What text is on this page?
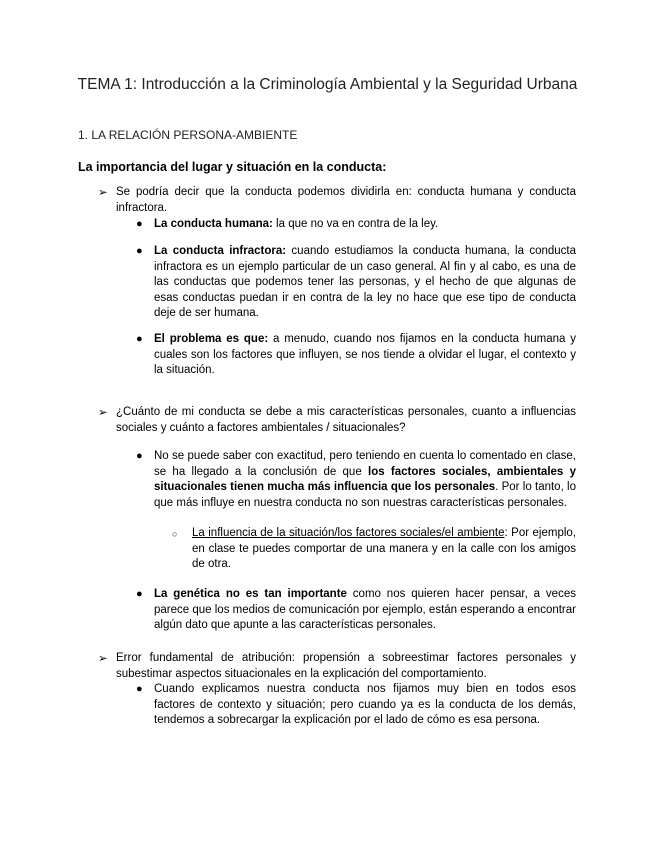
TEMA 1: Introducción a la Criminología Ambiental y la Seguridad Urbana
1. LA RELACIÓN PERSONA-AMBIENTE
La importancia del lugar y situación en la conducta:
➢ Se podría decir que la conducta podemos dividirla en: conducta humana y conducta infractora.
● La conducta humana: la que no va en contra de la ley.
● La conducta infractora: cuando estudiamos la conducta humana, la conducta infractora es un ejemplo particular de un caso general. Al fin y al cabo, es una de las conductas que podemos tener las personas, y el hecho de que algunas de esas conductas puedan ir en contra de la ley no hace que ese tipo de conducta deje de ser humana.
● El problema es que: a menudo, cuando nos fijamos en la conducta humana y cuales son los factores que influyen, se nos tiende a olvidar el lugar, el contexto y la situación.
➢ ¿Cuánto de mi conducta se debe a mis características personales, cuanto a influencias sociales y cuánto a factores ambientales / situacionales?
● No se puede saber con exactitud, pero teniendo en cuenta lo comentado en clase, se ha llegado a la conclusión de que los factores sociales, ambientales y situacionales tienen mucha más influencia que los personales. Por lo tanto, lo que más influye en nuestra conducta no son nuestras características personales.
○ La influencia de la situación/los factores sociales/el ambiente: Por ejemplo, en clase te puedes comportar de una manera y en la calle con los amigos de otra.
● La genética no es tan importante como nos quieren hacer pensar, a veces parece que los medios de comunicación por ejemplo, están esperando a encontrar algún dato que apunte a las características personales.
➢ Error fundamental de atribución: propensión a sobreestimar factores personales y subestimar aspectos situacionales en la explicación del comportamiento.
● Cuando explicamos nuestra conducta nos fijamos muy bien en todos esos factores de contexto y situación; pero cuando ya es la conducta de los demás, tendemos a sobrecargar la explicación por el lado de cómo es esa persona.
